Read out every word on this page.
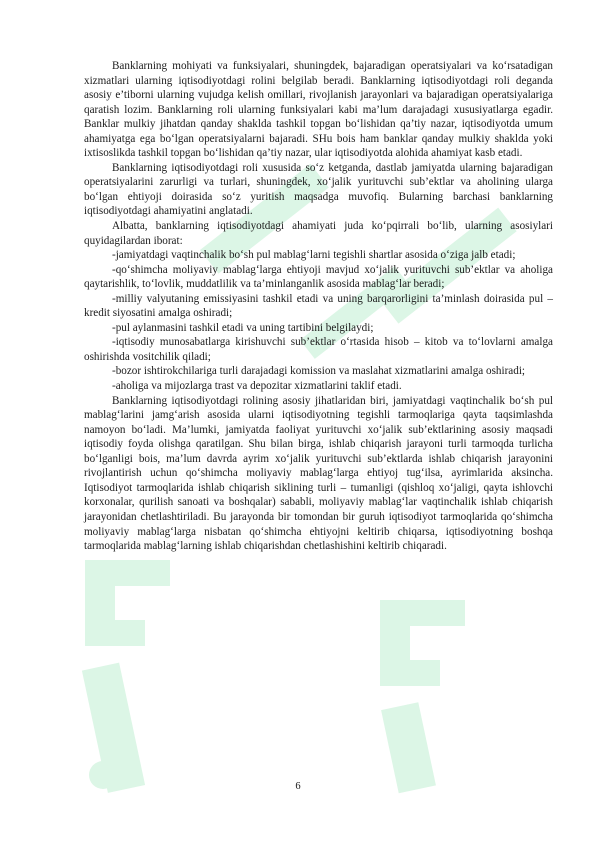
Banklarning mohiyati va funksiyalari, shuningdek, bajaradigan operatsiyalari va ko‘rsatadigan xizmatlari ularning iqtisodiyotdagi rolini belgilab beradi. Banklarning iqtisodiyotdagi roli deganda asosiy e’tiborni ularning vujudga kelish omillari, rivojlanish jarayonlari va bajaradigan operatsiyalariga qaratish lozim. Banklarning roli ularning funksiyalari kabi ma’lum darajadagi xususiyatlarga egadir. Banklar mulkiy jihatdan qanday shaklda tashkil topgan bo‘lishidan qa’tiy nazar, iqtisodiyotda umum ahamiyatga ega bo‘lgan operatsiyalarni bajaradi. SHu bois ham banklar qanday mulkiy shaklda yoki ixtisoslikda tashkil topgan bo‘lishidan qa’tiy nazar, ular iqtisodiyotda alohida ahamiyat kasb etadi.

Banklarning iqtisodiyotdagi roli xususida so‘z ketganda, dastlab jamiyatda ularning bajaradigan operatsiyalarini zarurligi va turlari, shuningdek, xo‘jalik yurituvchi sub’ektlar va aholining ularga bo‘lgan ehtiyoji doirasida so‘z yuritish maqsadga muvofiq. Bularning barchasi banklarning iqtisodiyotdagi ahamiyatini anglatadi.

Albatta, banklarning iqtisodiyotdagi ahamiyati juda ko‘pqirrali bo‘lib, ularning asosiylari quyidagilardan iborat:

-jamiyatdagi vaqtinchalik bo‘sh pul mablag‘larni tegishli shartlar asosida o‘ziga jalb etadi;

-qo‘shimcha moliyaviy mablag‘larga ehtiyoji mavjud xo‘jalik yurituvchi sub’ektlar va aholiga qaytarishlik, to‘lovlik, muddatlilik va ta’minlanganlik asosida mablag‘lar beradi;

-milliy valyutaning emissiyasini tashkil etadi va uning barqarorligini ta’minlash doirasida pul – kredit siyosatini amalga oshiradi;

-pul aylanmasini tashkil etadi va uning tartibini belgilaydi;

-iqtisodiy munosabatlarga kirishuvchi sub’ektlar o‘rtasida hisob – kitob va to‘lovlarni amalga oshirishda vositchilik qiladi;

-bozor ishtirokchilariga turli darajadagi komission va maslahat xizmatlarini amalga oshiradi;

-aholiga va mijozlarga trast va depozitar xizmatlarini taklif etadi.

Banklarning iqtisodiyotdagi rolining asosiy jihatlaridan biri, jamiyatdagi vaqtinchalik bo‘sh pul mablag‘larini jamg‘arish asosida ularni iqtisodiyotning tegishli tarmoqlariga qayta taqsimlashda namoyon bo‘ladi. Ma’lumki, jamiyatda faoliyat yurituvchi xo‘jalik sub’ektlarining asosiy maqsadi iqtisodiy foyda olishga qaratilgan. Shu bilan birga, ishlab chiqarish jarayoni turli tarmoqda turlicha bo‘lganligi bois, ma’lum davrda ayrim xo‘jalik yurituvchi sub’ektlarda ishlab chiqarish jarayonini rivojlantirish uchun qo‘shimcha moliyaviy mablag‘larga ehtiyoj tug‘ilsa, ayrimlarida aksincha. Iqtisodiyot tarmoqlarida ishlab chiqarish siklining turli – tumanligi (qishloq xo‘jaligi, qayta ishlovchi korxonalar, qurilish sanoati va boshqalar) sababli, moliyaviy mablag‘lar vaqtinchalik ishlab chiqarish jarayonidan chetlashtiriladi. Bu jarayonda bir tomondan bir guruh iqtisodiyot tarmoqlarida qo‘shimcha moliyaviy mablag‘larga nisbatan qo‘shimcha ehtiyojni keltirib chiqarsa, iqtisodiyotning boshqa tarmoqlarida mablag‘larning ishlab chiqarishdan chetlashishini keltirib chiqaradi.

6
